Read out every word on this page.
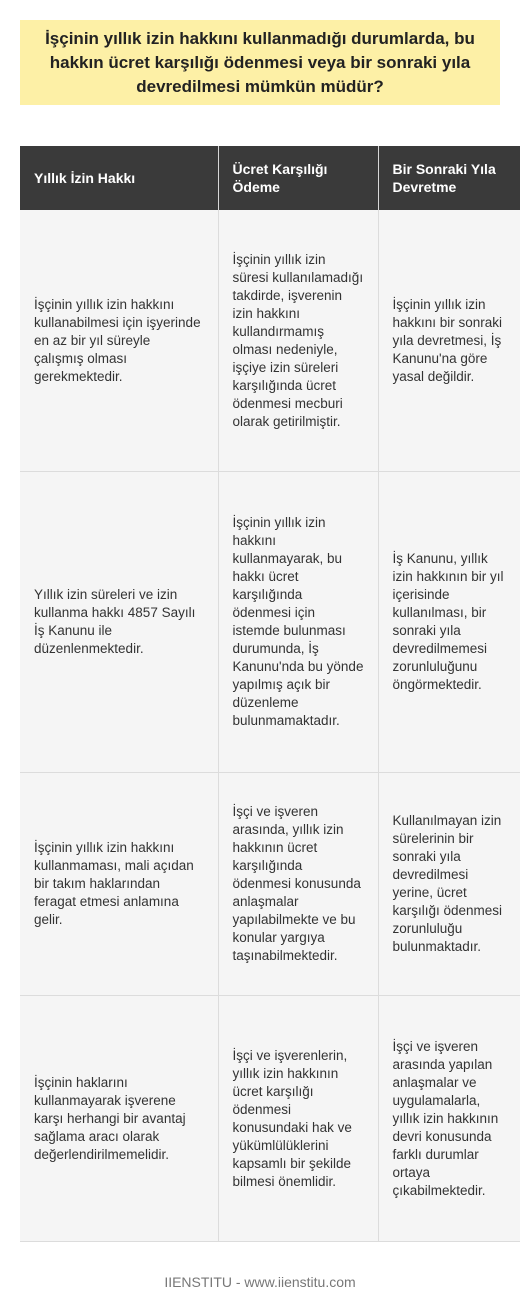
İşçinin yıllık izin hakkını kullanmadığı durumlarda, bu hakkın ücret karşılığı ödenmesi veya bir sonraki yıla devredilmesi mümkün müdür?
Yıllık İzin Hakkı	Ücret Karşılığı Ödeme	Bir Sonraki Yıla Devretme
İşçinin yıllık izin hakkını kullanabilmesi için işyerinde en az bir yıl süreyle çalışmış olması gerekmektedir.	İşçinin yıllık izin süresi kullanılamadığı takdirde, işverenin izin hakkını kullandırmamış olması nedeniyle, işçiye izin süreleri karşılığında ücret ödenmesi mecburi olarak getirilmiştir.	İşçinin yıllık izin hakkını bir sonraki yıla devretmesi, İş Kanunu'na göre yasal değildir.
Yıllık izin süreleri ve izin kullanma hakkı 4857 Sayılı İş Kanunu ile düzenlenmektedir.	İşçinin yıllık izin hakkını kullanmayarak, bu hakkı ücret karşılığında ödenmesi için istemde bulunması durumunda, İş Kanunu'nda bu yönde yapılmış açık bir düzenleme bulunmamaktadır.	İş Kanunu, yıllık izin hakkının bir yıl içerisinde kullanılması, bir sonraki yıla devredilmemesi zorunluluğunu öngörmektedir.
İşçinin yıllık izin hakkını kullanmaması, mali açıdan bir takım haklarından feragat etmesi anlamına gelir.	İşçi ve işveren arasında, yıllık izin hakkının ücret karşılığında ödenmesi konusunda anlaşmalar yapılabilmekte ve bu konular yargıya taşınabilmektedir.	Kullanılmayan izin sürelerinin bir sonraki yıla devredilmesi yerine, ücret karşılığı ödenmesi zorunluluğu bulunmaktadır.
İşçinin haklarını kullanmayarak işverene karşı herhangi bir avantaj sağlama aracı olarak değerlendirilmemelidir.	İşçi ve işverenlerin, yıllık izin hakkının ücret karşılığı ödenmesi konusundaki hak ve yükümlülüklerini kapsamlı bir şekilde bilmesi önemlidir.	İşçi ve işveren arasında yapılan anlaşmalar ve uygulamalarla, yıllık izin hakkının devri konusunda farklı durumlar ortaya çıkabilmektedir.
IIENSTITU - www.iienstitu.com
